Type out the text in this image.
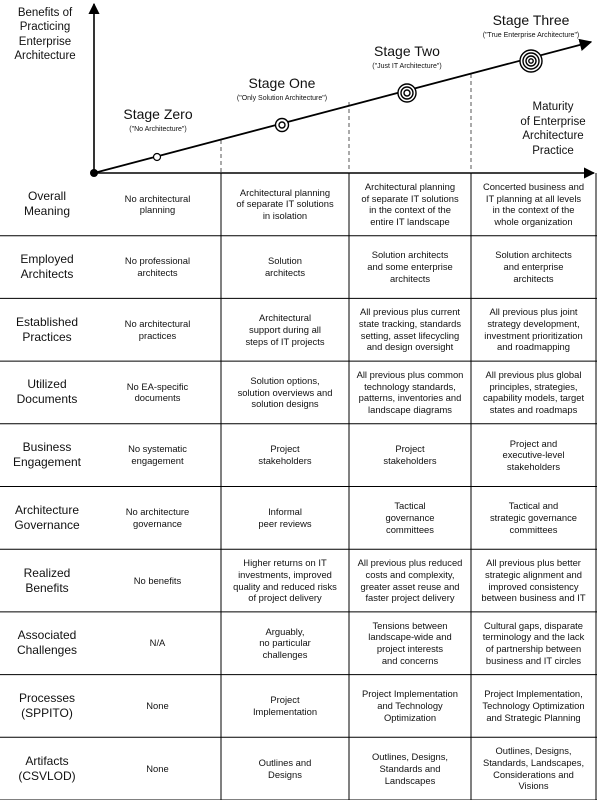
Benefits of
Practicing
Enterprise
Architecture
Maturity
of Enterprise
Architecture
Practice
Stage Zero
("No Architecture")
Stage One
("Only Solution Architecture")
Stage Two
("Just IT Architecture")
Stage Three
("True Enterprise Architecture")
Overall
Meaning
No architectural
planning
Architectural planning
of separate IT solutions
in isolation
Architectural planning
of separate IT solutions
in the context of the
entire IT landscape
Concerted business and
IT planning at all levels
in the context of the
whole organization
Employed
Architects
No professional
architects
Solution
architects
Solution architects
and some enterprise
architects
Solution architects
and enterprise
architects
Established
Practices
No architectural
practices
Architectural
support during all
steps of IT projects
All previous plus current
state tracking, standards
setting, asset lifecycling
and design oversight
All previous plus joint
strategy development,
investment prioritization
and roadmapping
Utilized
Documents
No EA-specific
documents
Solution options,
solution overviews and
solution designs
All previous plus common
technology standards,
patterns, inventories and
landscape diagrams
All previous plus global
principles, strategies,
capability models, target
states and roadmaps
Business
Engagement
No systematic
engagement
Project
stakeholders
Project
stakeholders
Project and
executive-level
stakeholders
Architecture
Governance
No architecture
governance
Informal
peer reviews
Tactical
governance
committees
Tactical and
strategic governance
committees
Realized
Benefits
No benefits
Higher returns on IT
investments, improved
quality and reduced risks
of project delivery
All previous plus reduced
costs and complexity,
greater asset reuse and
faster project delivery
All previous plus better
strategic alignment and
improved consistency
between business and IT
Associated
Challenges
N/A
Arguably,
no particular
challenges
Tensions between
landscape-wide and
project interests
and concerns
Cultural gaps, disparate
terminology and the lack
of partnership between
business and IT circles
Processes
(SPPITO)
None
Project
Implementation
Project Implementation
and Technology
Optimization
Project Implementation,
Technology Optimization
and Strategic Planning
Artifacts
(CSVLOD)
None
Outlines and
Designs
Outlines, Designs,
Standards and
Landscapes
Outlines, Designs,
Standards, Landscapes,
Considerations and
Visions
